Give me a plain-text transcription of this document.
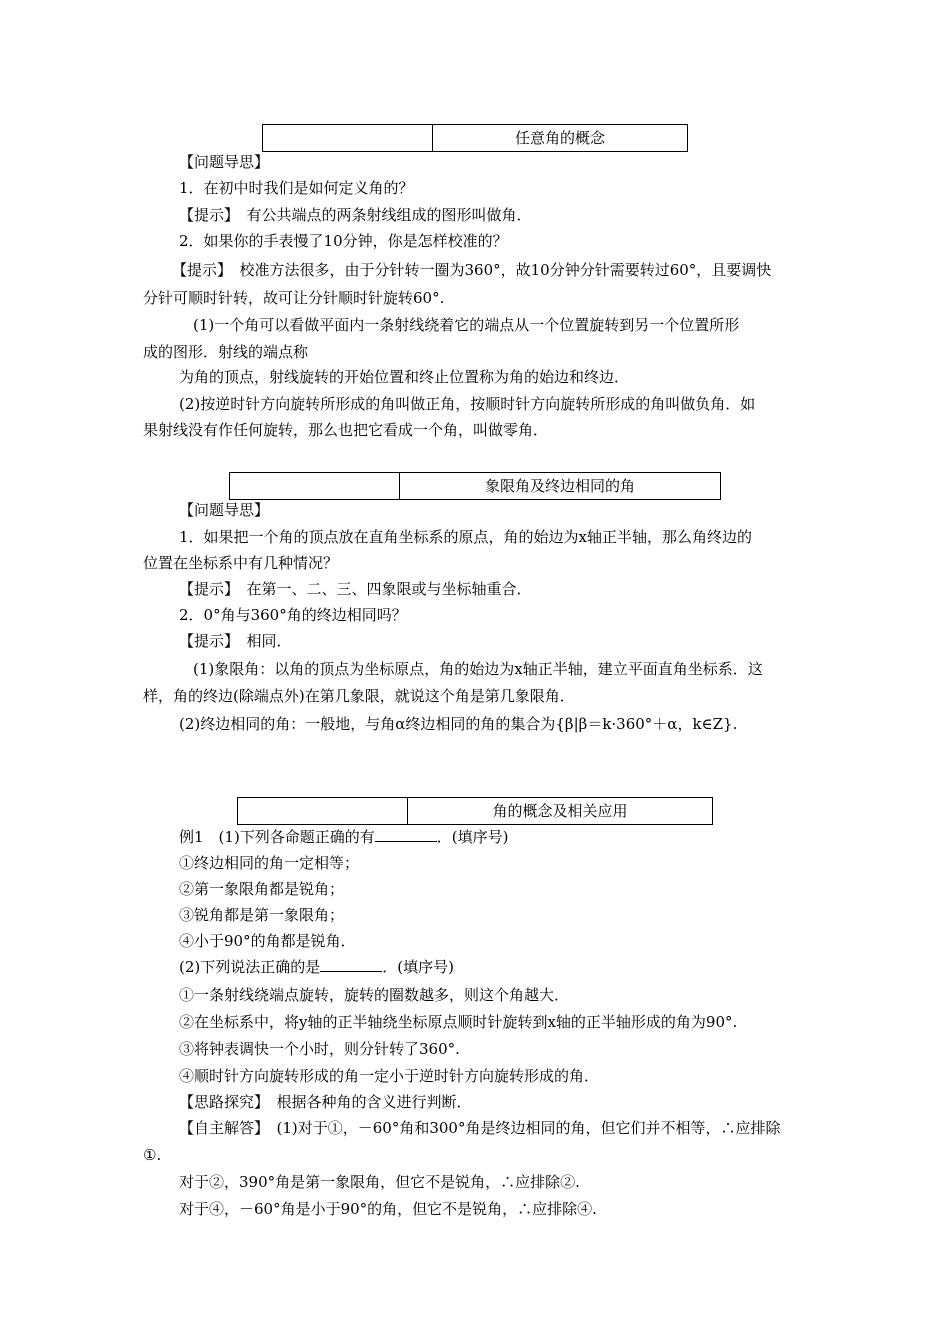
任意角的概念
【问题导思】
1．在初中时我们是如何定义角的？
【提示】　有公共端点的两条射线组成的图形叫做角．
2．如果你的手表慢了10分钟，你是怎样校准的？
【提示】　校准方法很多，由于分针转一圈为360°，故10分钟分针需要转过60°，且要调快
分针可顺时针转，故可让分针顺时针旋转60°.
(1)一个角可以看做平面内一条射线绕着它的端点从一个位置旋转到另一个位置所形
成的图形．射线的端点称
为角的顶点，射线旋转的开始位置和终止位置称为角的始边和终边．
(2)按逆时针方向旋转所形成的角叫做正角，按顺时针方向旋转所形成的角叫做负角．如
果射线没有作任何旋转，那么也把它看成一个角，叫做零角．
象限角及终边相同的角
【问题导思】
1．如果把一个角的顶点放在直角坐标系的原点，角的始边为x轴正半轴，那么角终边的
位置在坐标系中有几种情况？
【提示】　在第一、二、三、四象限或与坐标轴重合．
2．0°角与360°角的终边相同吗？
【提示】　相同．
(1)象限角：以角的顶点为坐标原点，角的始边为x轴正半轴，建立平面直角坐标系．这
样，角的终边(除端点外)在第几象限，就说这个角是第几象限角．
(2)终边相同的角：一般地，与角α终边相同的角的集合为{β|β＝k·360°＋α，k∈Z}.
角的概念及相关应用
例1　(1)下列各命题正确的有	．(填序号)
①终边相同的角一定相等；
②第一象限角都是锐角；
③锐角都是第一象限角；
④小于90°的角都是锐角．
(2)下列说法正确的是	．(填序号)
①一条射线绕端点旋转，旋转的圈数越多，则这个角越大．
②在坐标系中，将y轴的正半轴绕坐标原点顺时针旋转到x轴的正半轴形成的角为90°.
③将钟表调快一个小时，则分针转了360°.
④顺时针方向旋转形成的角一定小于逆时针方向旋转形成的角．
【思路探究】　根据各种角的含义进行判断．
【自主解答】　(1)对于①，－60°角和300°角是终边相同的角，但它们并不相等，∴应排除
①.
对于②，390°角是第一象限角，但它不是锐角，∴应排除②.
对于④，－60°角是小于90°的角，但它不是锐角，∴应排除④.
